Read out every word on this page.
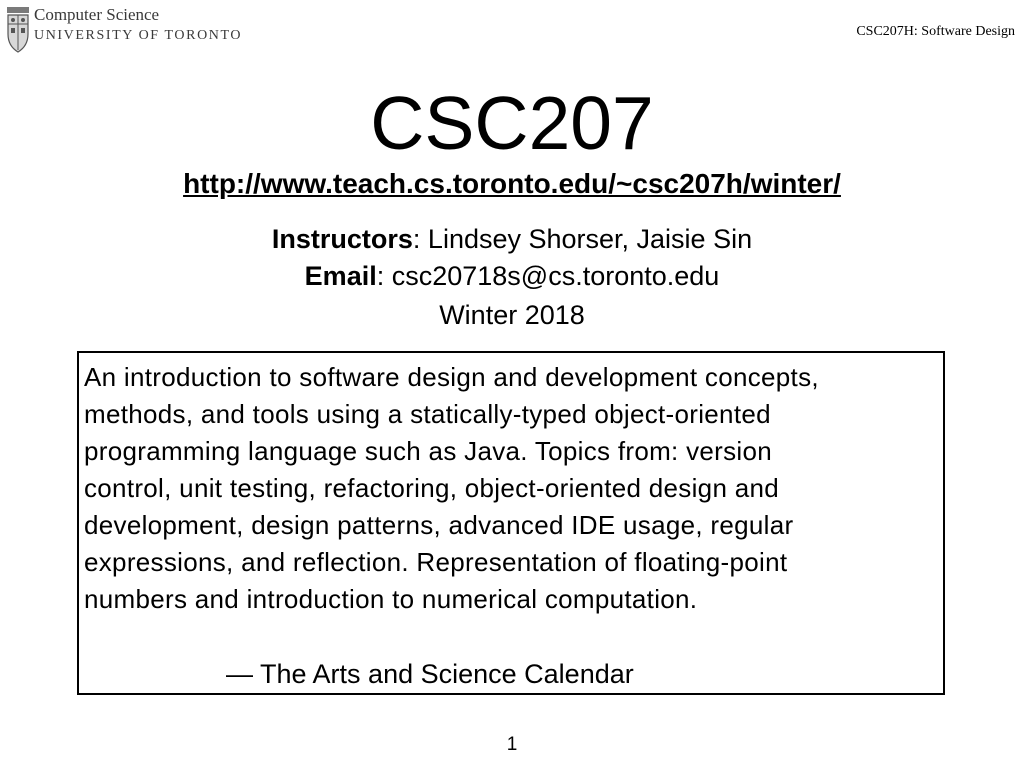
Computer Science
UNIVERSITY OF TORONTO	CSC207H: Software Design
CSC207
http://www.teach.cs.toronto.edu/~csc207h/winter/
Instructors: Lindsey Shorser, Jaisie Sin
Email: csc20718s@cs.toronto.edu
Winter 2018
An introduction to software design and development concepts,
methods, and tools using a statically-typed object-oriented
programming language such as Java. Topics from: version
control, unit testing, refactoring, object-oriented design and
development, design patterns, advanced IDE usage, regular
expressions, and reflection. Representation of floating-point
numbers and introduction to numerical computation.
— The Arts and Science Calendar
1
